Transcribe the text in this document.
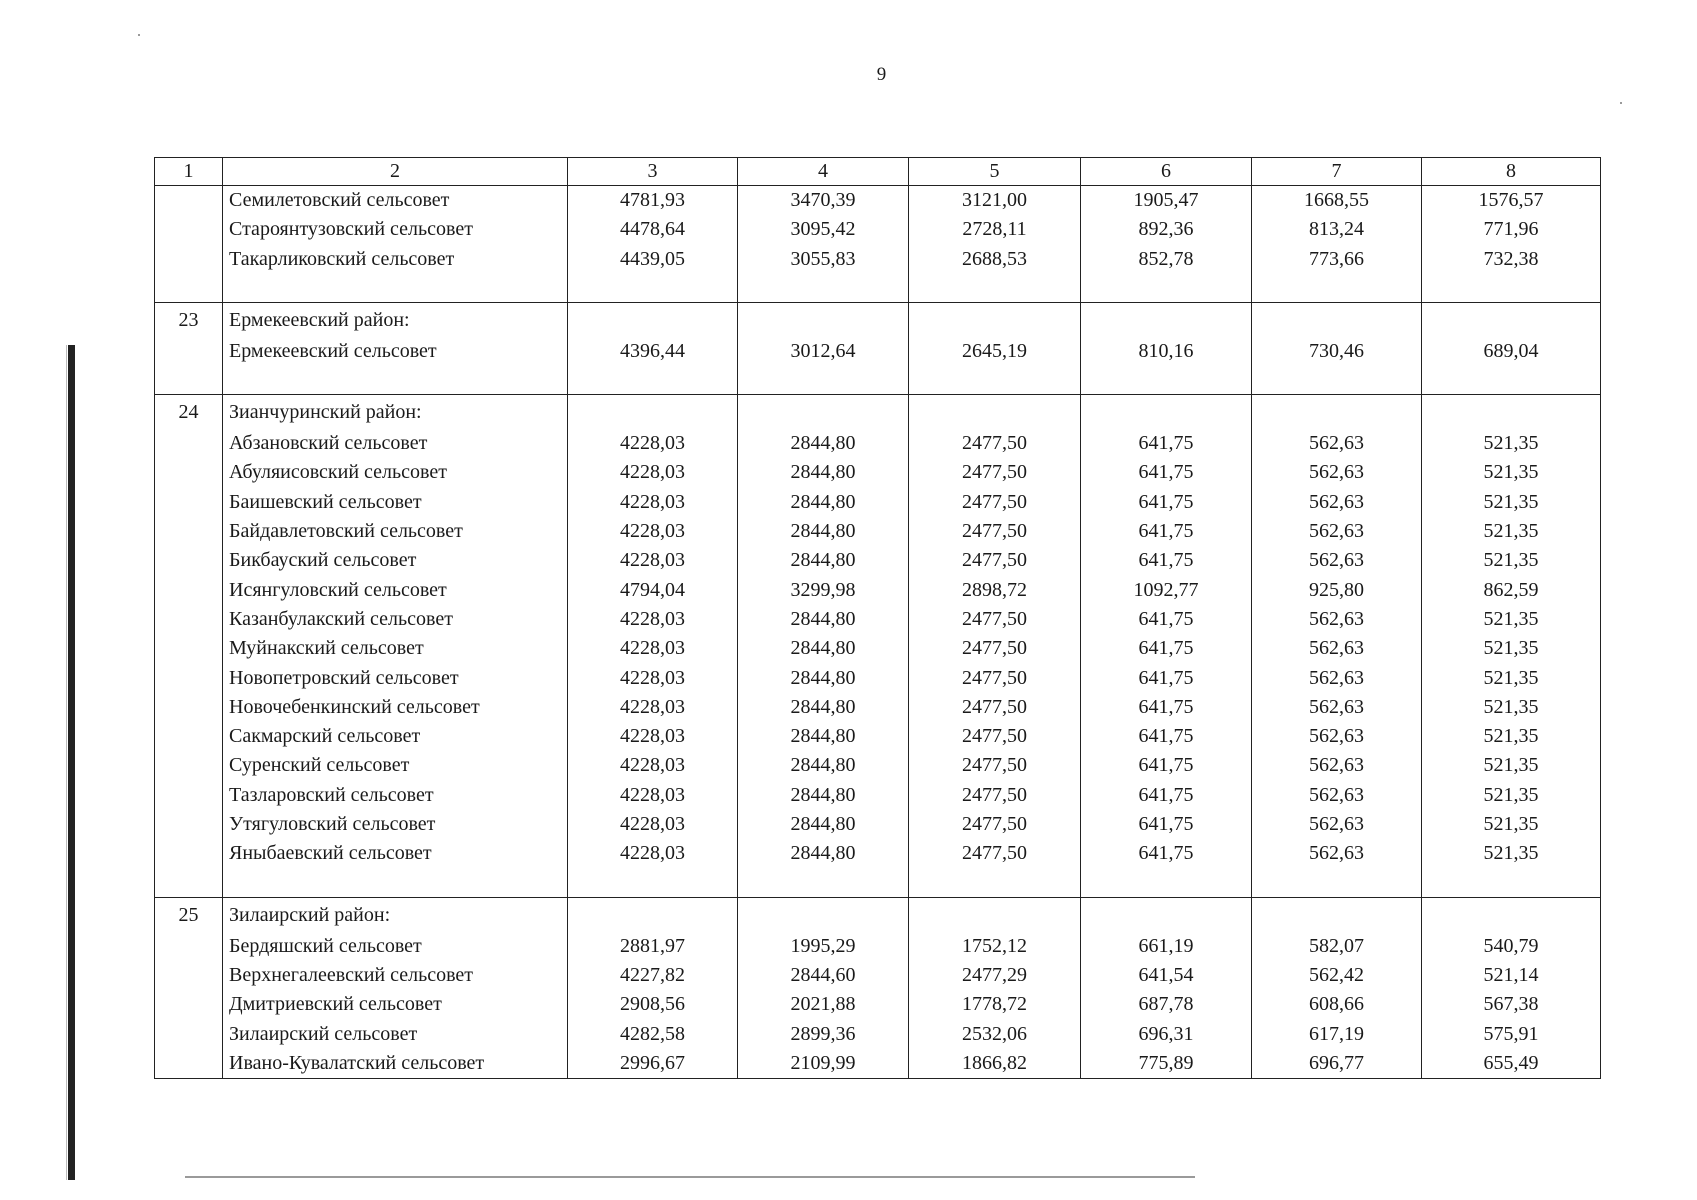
9
1	2	3	4	5	6	7	8
	Семилетовский сельсовет	4781,93	3470,39	3121,00	1905,47	1668,55	1576,57
	Староянтузовский сельсовет	4478,64	3095,42	2728,11	892,36	813,24	771,96
	Такарликовский сельсовет	4439,05	3055,83	2688,53	852,78	773,66	732,38
23	Ермекеевский район:						
	Ермекеевский сельсовет	4396,44	3012,64	2645,19	810,16	730,46	689,04
24	Зианчуринский район:						
	Абзановский сельсовет	4228,03	2844,80	2477,50	641,75	562,63	521,35
	Абуляисовский сельсовет	4228,03	2844,80	2477,50	641,75	562,63	521,35
	Баишевский сельсовет	4228,03	2844,80	2477,50	641,75	562,63	521,35
	Байдавлетовский сельсовет	4228,03	2844,80	2477,50	641,75	562,63	521,35
	Бикбауский сельсовет	4228,03	2844,80	2477,50	641,75	562,63	521,35
	Исянгуловский сельсовет	4794,04	3299,98	2898,72	1092,77	925,80	862,59
	Казанбулакский сельсовет	4228,03	2844,80	2477,50	641,75	562,63	521,35
	Муйнакский сельсовет	4228,03	2844,80	2477,50	641,75	562,63	521,35
	Новопетровский сельсовет	4228,03	2844,80	2477,50	641,75	562,63	521,35
	Новочебенкинский сельсовет	4228,03	2844,80	2477,50	641,75	562,63	521,35
	Сакмарский сельсовет	4228,03	2844,80	2477,50	641,75	562,63	521,35
	Суренский сельсовет	4228,03	2844,80	2477,50	641,75	562,63	521,35
	Тазларовский сельсовет	4228,03	2844,80	2477,50	641,75	562,63	521,35
	Утягуловский сельсовет	4228,03	2844,80	2477,50	641,75	562,63	521,35
	Яныбаевский сельсовет	4228,03	2844,80	2477,50	641,75	562,63	521,35
25	Зилаирский район:						
	Бердяшский сельсовет	2881,97	1995,29	1752,12	661,19	582,07	540,79
	Верхнегалеевский сельсовет	4227,82	2844,60	2477,29	641,54	562,42	521,14
	Дмитриевский сельсовет	2908,56	2021,88	1778,72	687,78	608,66	567,38
	Зилаирский сельсовет	4282,58	2899,36	2532,06	696,31	617,19	575,91
	Ивано-Кувалатский сельсовет	2996,67	2109,99	1866,82	775,89	696,77	655,49
